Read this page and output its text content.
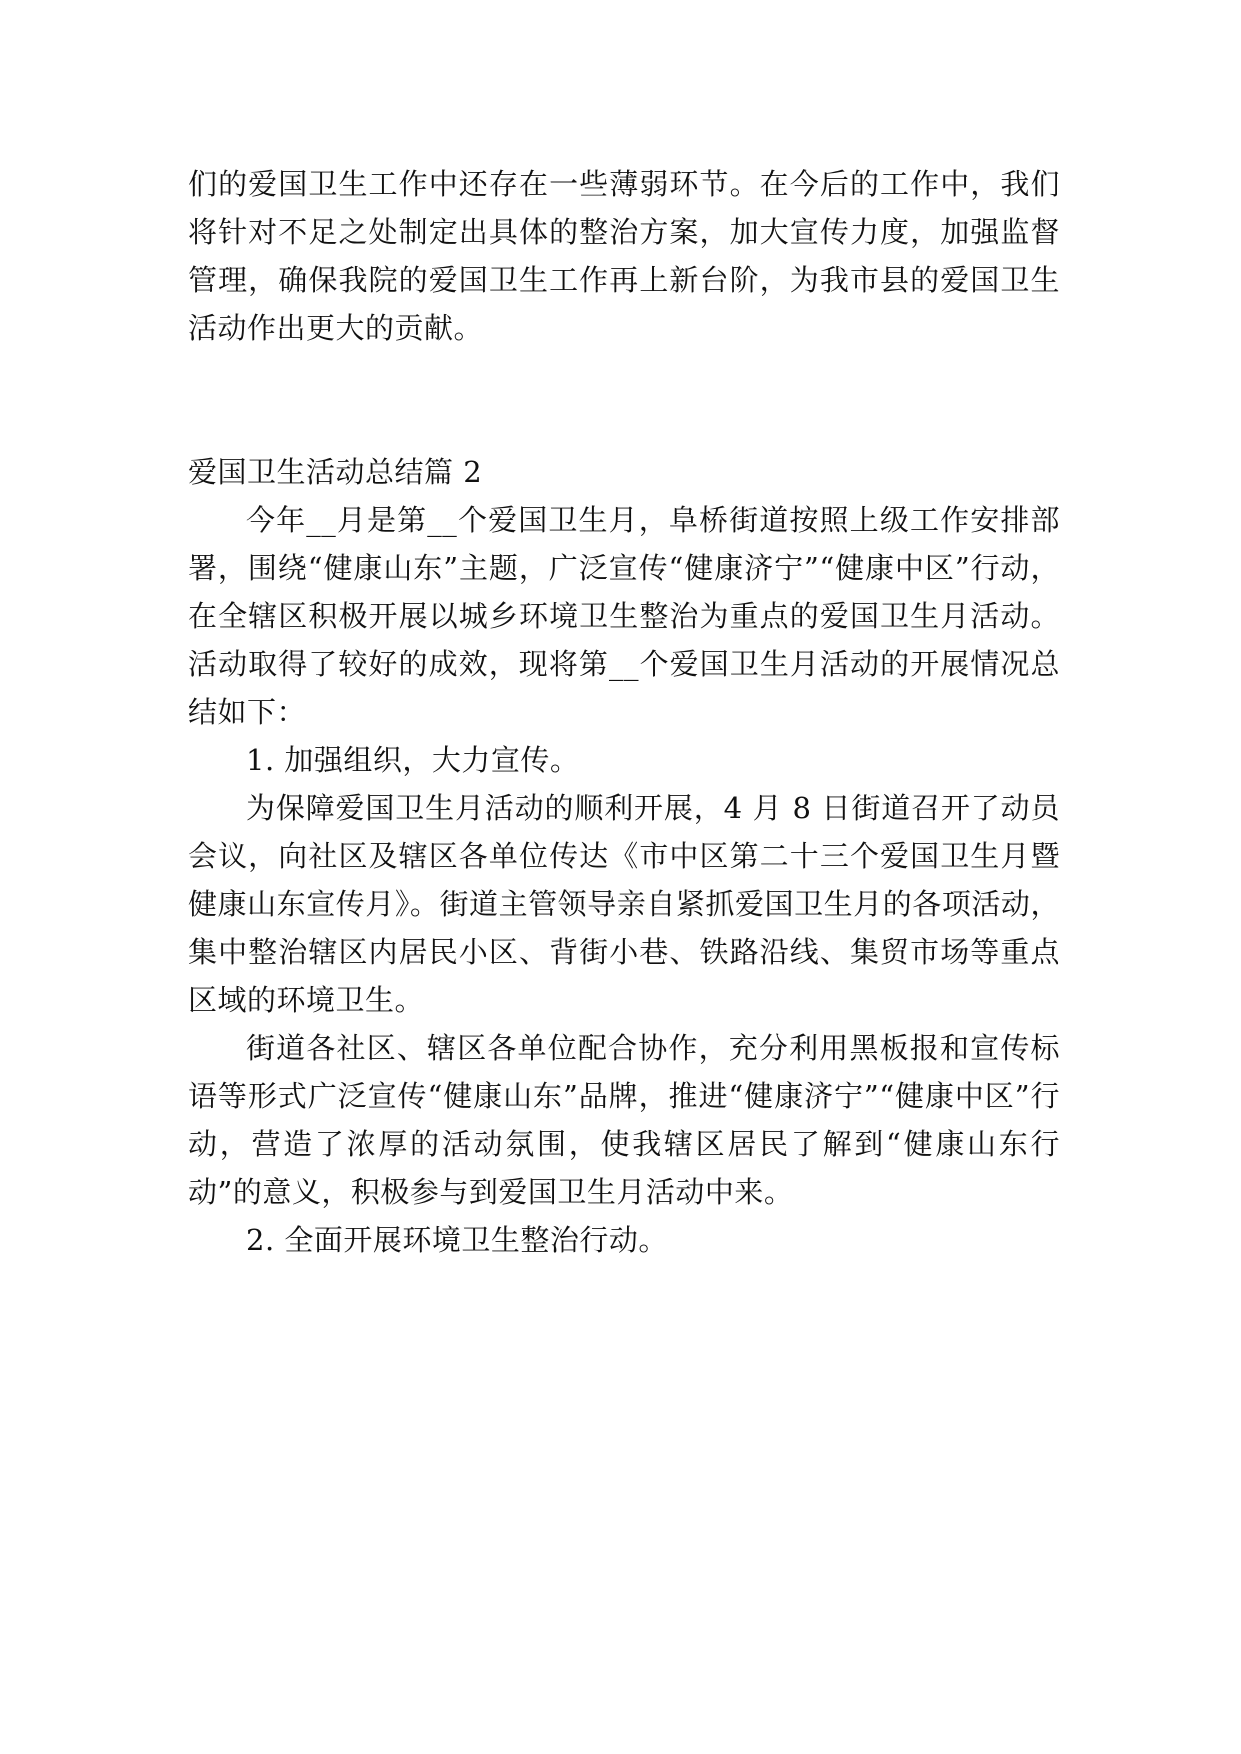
们的爱国卫生工作中还存在一些薄弱环节。在今后的工作中，我们将针对不足之处制定出具体的整治方案，加大宣传力度，加强监督管理，确保我院的爱国卫生工作再上新台阶，为我市县的爱国卫生活动作出更大的贡献。

爱国卫生活动总结篇 2

今年__月是第__个爱国卫生月，阜桥街道按照上级工作安排部署，围绕“健康山东”主题，广泛宣传“健康济宁”“健康中区”行动，在全辖区积极开展以城乡环境卫生整治为重点的爱国卫生月活动。活动取得了较好的成效，现将第__个爱国卫生月活动的开展情况总结如下：

1. 加强组织，大力宣传。

为保障爱国卫生月活动的顺利开展，4 月 8 日街道召开了动员会议，向社区及辖区各单位传达《市中区第二十三个爱国卫生月暨健康山东宣传月》。街道主管领导亲自紧抓爱国卫生月的各项活动，集中整治辖区内居民小区、背街小巷、铁路沿线、集贸市场等重点区域的环境卫生。

街道各社区、辖区各单位配合协作，充分利用黑板报和宣传标语等形式广泛宣传“健康山东”品牌，推进“健康济宁”“健康中区”行动，营造了浓厚的活动氛围，使我辖区居民了解到“健康山东行动”的意义，积极参与到爱国卫生月活动中来。

2. 全面开展环境卫生整治行动。
